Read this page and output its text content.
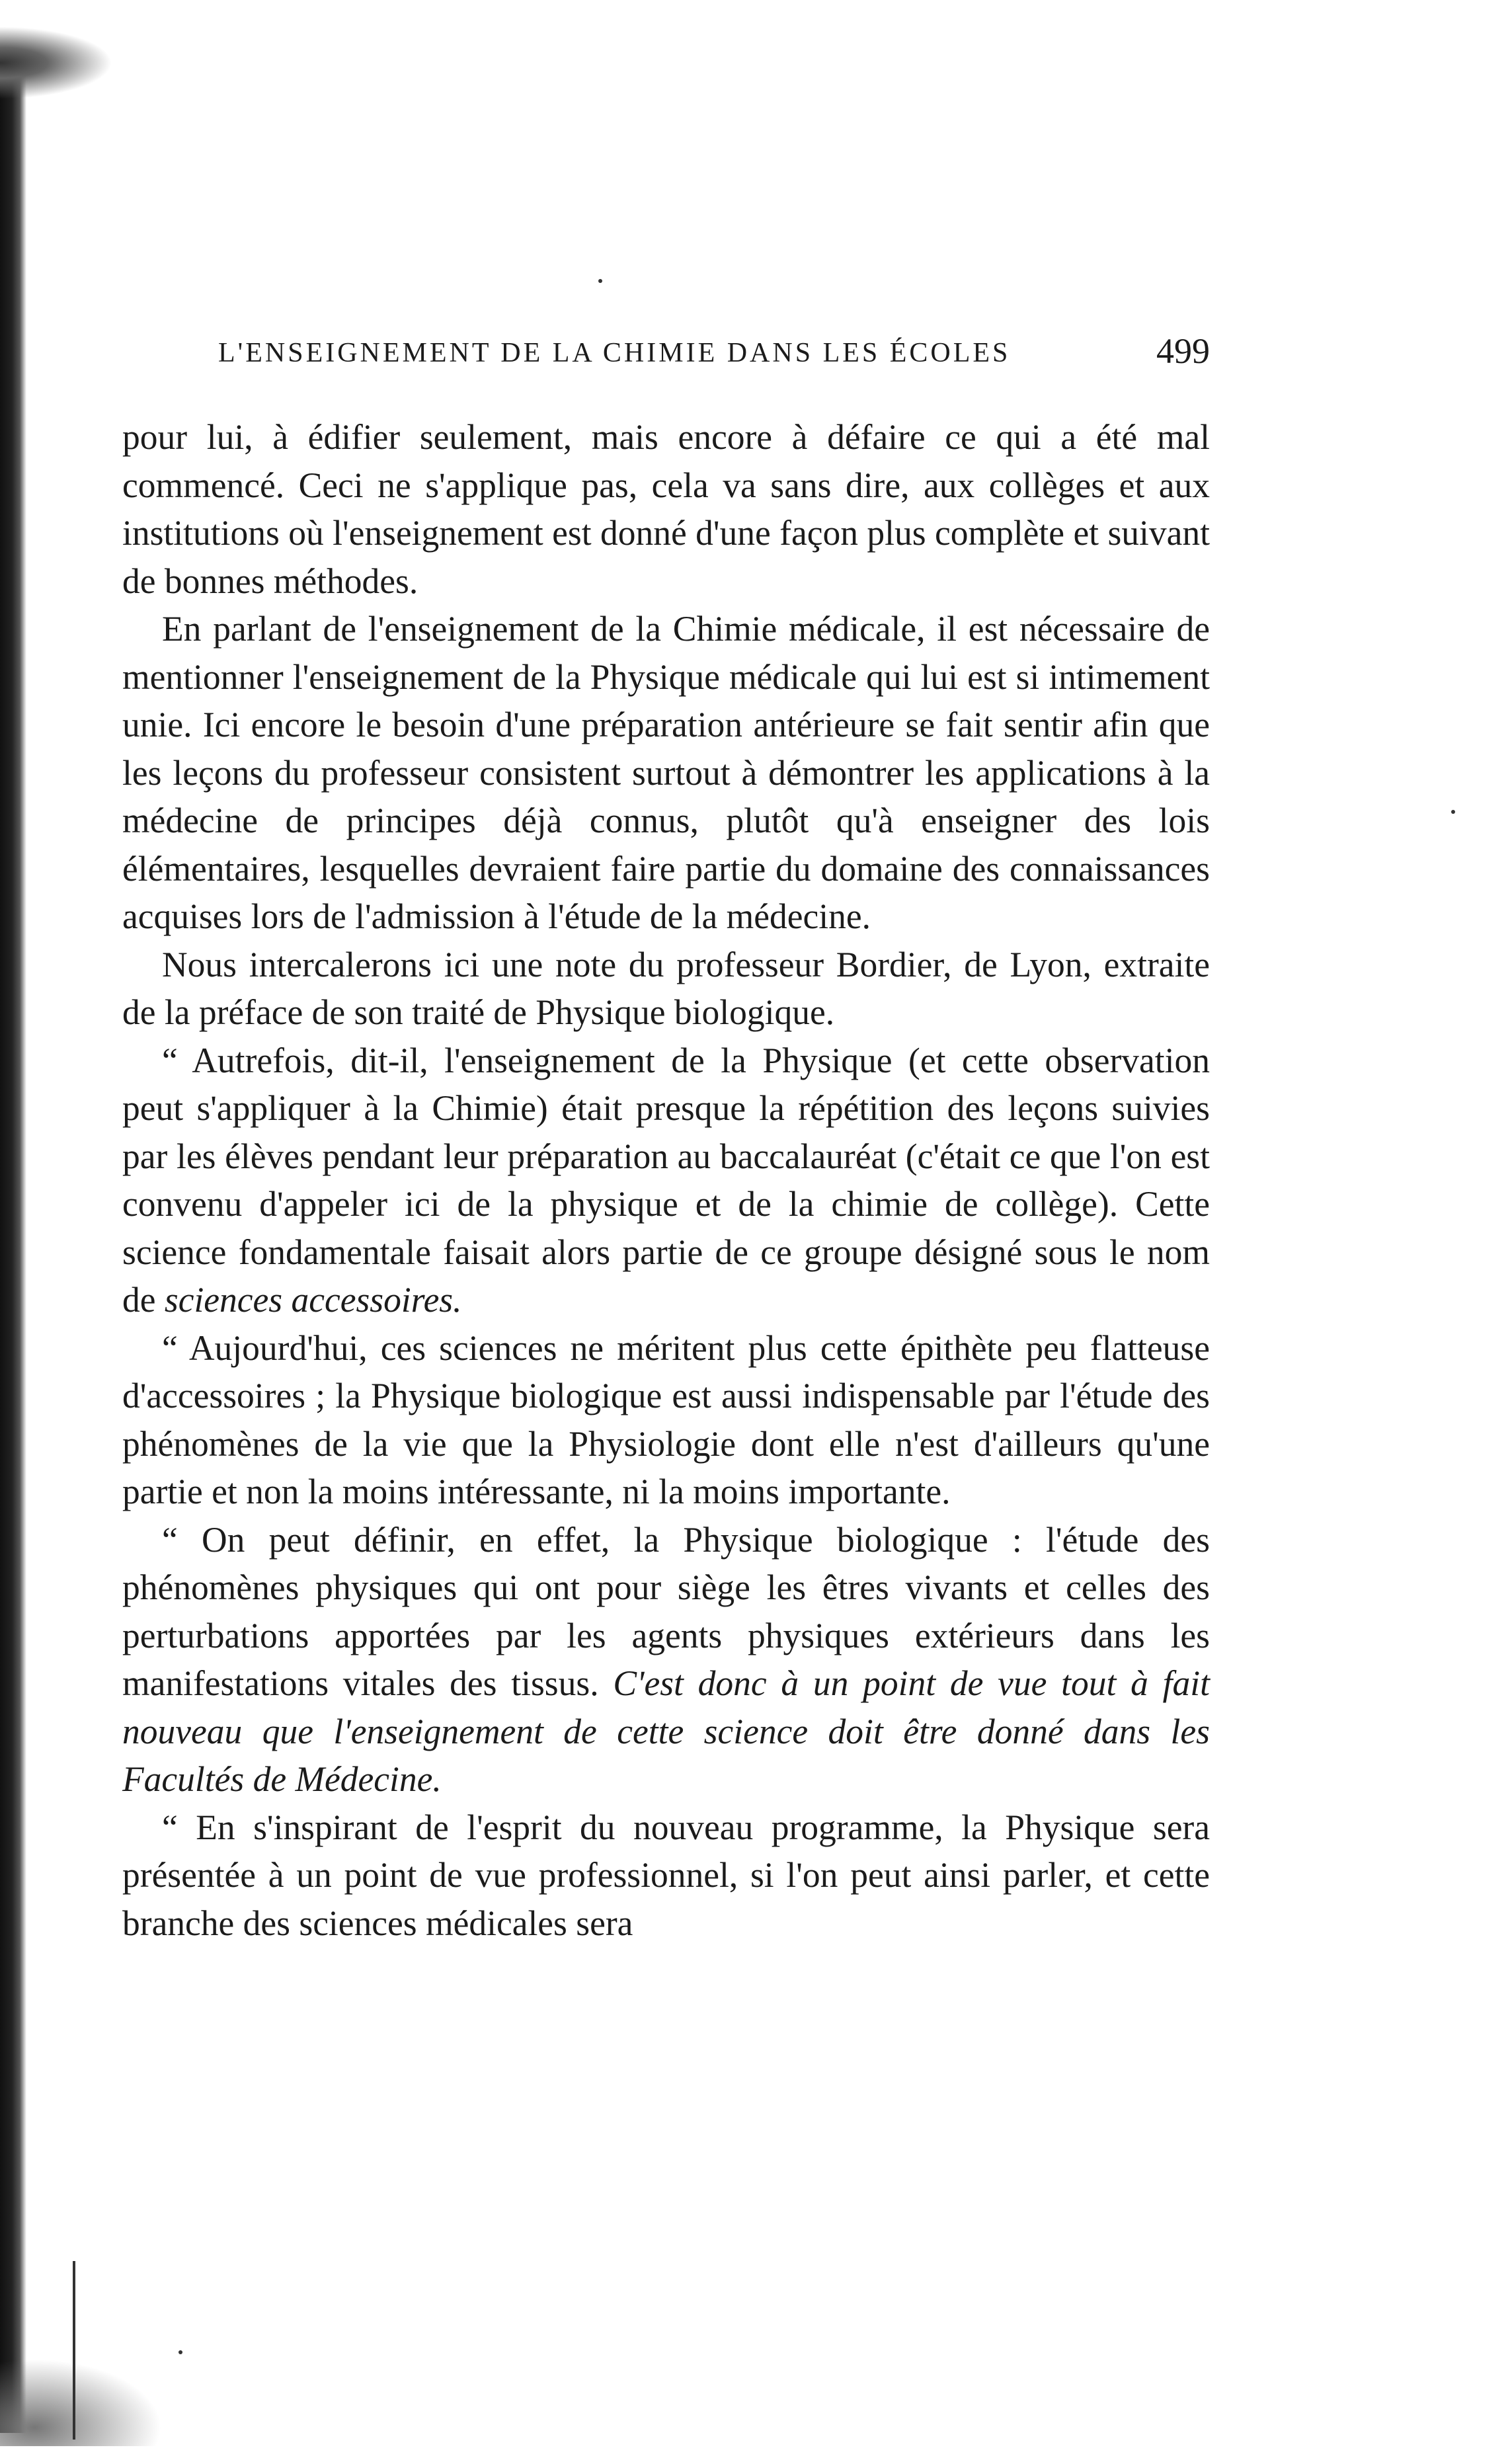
L'ENSEIGNEMENT DE LA CHIMIE DANS LES ÉCOLES	499

pour lui, à édifier seulement, mais encore à défaire ce qui a été mal commencé. Ceci ne s'applique pas, cela va sans dire, aux collèges et aux institutions où l'enseignement est donné d'une façon plus complète et suivant de bonnes méthodes.

En parlant de l'enseignement de la Chimie médicale, il est nécessaire de mentionner l'enseignement de la Physique médicale qui lui est si intimement unie. Ici encore le besoin d'une préparation antérieure se fait sentir afin que les leçons du professeur consistent surtout à démontrer les applications à la médecine de principes déjà connus, plutôt qu'à enseigner des lois élémentaires, lesquelles devraient faire partie du domaine des connaissances acquises lors de l'admission à l'étude de la médecine.

Nous intercalerons ici une note du professeur Bordier, de Lyon, extraite de la préface de son traité de Physique biologique.

“ Autrefois, dit-il, l'enseignement de la Physique (et cette observation peut s'appliquer à la Chimie) était presque la répétition des leçons suivies par les élèves pendant leur préparation au baccalauréat (c'était ce que l'on est convenu d'appeler ici de la physique et de la chimie de collège). Cette science fondamentale faisait alors partie de ce groupe désigné sous le nom de sciences accessoires.

“ Aujourd'hui, ces sciences ne méritent plus cette épithète peu flatteuse d'accessoires ; la Physique biologique est aussi indispensable par l'étude des phénomènes de la vie que la Physiologie dont elle n'est d'ailleurs qu'une partie et non la moins intéressante, ni la moins importante.

“ On peut définir, en effet, la Physique biologique : l'étude des phénomènes physiques qui ont pour siège les êtres vivants et celles des perturbations apportées par les agents physiques extérieurs dans les manifestations vitales des tissus. C'est donc à un point de vue tout à fait nouveau que l'enseignement de cette science doit être donné dans les Facultés de Médecine.

“ En s'inspirant de l'esprit du nouveau programme, la Physique sera présentée à un point de vue professionnel, si l'on peut ainsi parler, et cette branche des sciences médicales sera
